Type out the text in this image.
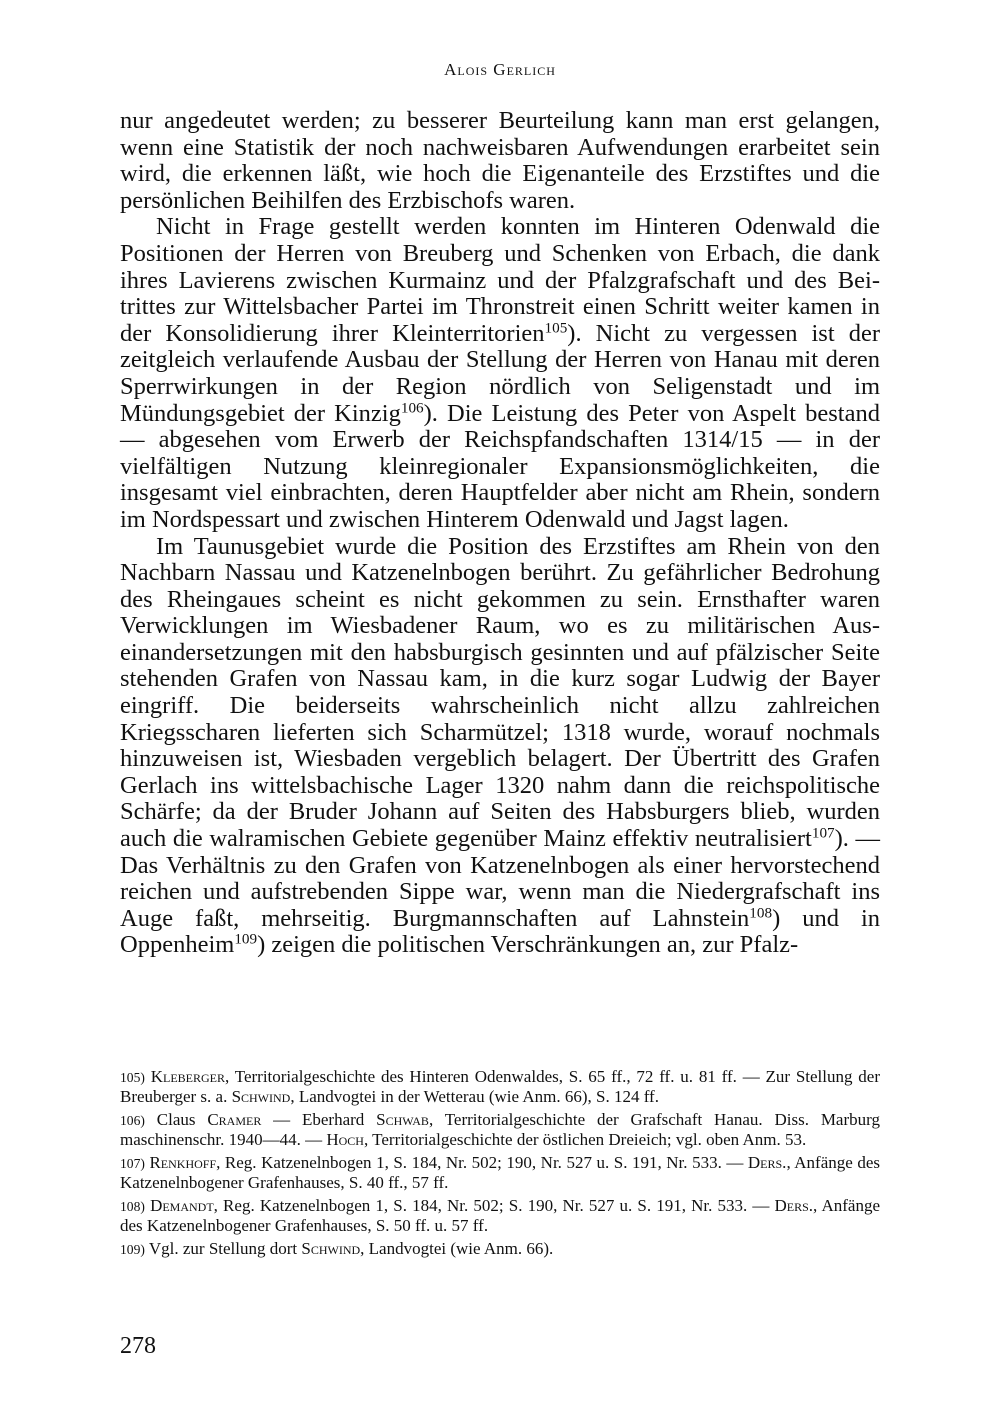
Alois Gerlich

nur angedeutet werden; zu besserer Beurteilung kann man erst gelangen, wenn eine Statistik der noch nachweisbaren Aufwendungen erarbeitet sein wird, die erkennen läßt, wie hoch die Eigenanteile des Erzstiftes und die persönlichen Beihilfen des Erzbischofs waren.

Nicht in Frage gestellt werden konnten im Hinteren Odenwald die Positionen der Herren von Breuberg und Schenken von Erbach, die dank ihres Lavierens zwischen Kurmainz und der Pfalzgrafschaft und des Beitrittes zur Wittelsbacher Partei im Thronstreit einen Schritt weiter kamen in der Konsolidierung ihrer Kleinterritorien$^{105}$). Nicht zu vergessen ist der zeitgleich verlaufende Ausbau der Stellung der Herren von Hanau mit deren Sperrwirkungen in der Region nördlich von Seligenstadt und im Mündungsgebiet der Kinzig$^{106}$). Die Leistung des Peter von Aspelt bestand — abgesehen vom Erwerb der Reichspfandschaften 1314/15 — in der vielfältigen Nutzung kleinregionaler Expansionsmöglichkeiten, die insgesamt viel einbrachten, deren Hauptfelder aber nicht am Rhein, sondern im Nordspessart und zwischen Hinterem Odenwald und Jagst lagen.

Im Taunusgebiet wurde die Position des Erzstiftes am Rhein von den Nachbarn Nassau und Katzenelnbogen berührt. Zu gefährlicher Bedrohung des Rheingaues scheint es nicht gekommen zu sein. Ernsthafter waren Verwicklungen im Wiesbadener Raum, wo es zu militärischen Auseinandersetzungen mit den habsburgisch gesinnten und auf pfälzischer Seite stehenden Grafen von Nassau kam, in die kurz sogar Ludwig der Bayer eingriff. Die beiderseits wahrscheinlich nicht allzu zahlreichen Kriegsscharen lieferten sich Scharmützel; 1318 wurde, worauf nochmals hinzuweisen ist, Wiesbaden vergeblich belagert. Der Übertritt des Grafen Gerlach ins wittelsbachische Lager 1320 nahm dann die reichspolitische Schärfe; da der Bruder Johann auf Seiten des Habsburgers blieb, wurden auch die walramischen Gebiete gegenüber Mainz effektiv neutralisiert$^{107}$). — Das Verhältnis zu den Grafen von Katzenelnbogen als einer hervorstechend reichen und aufstrebenden Sippe war, wenn man die Niedergrafschaft ins Auge faßt, mehrseitig. Burgmannschaften auf Lahnstein$^{108}$) und in Oppenheim$^{109}$) zeigen die politischen Verschränkungen an, zur Pfalz-

105) Kleberger, Territorialgeschichte des Hinteren Odenwaldes, S. 65 ff., 72 ff. u. 81 ff. — Zur Stellung der Breuberger s. a. Schwind, Landvogtei in der Wetterau (wie Anm. 66), S. 124 ff.

106) Claus Cramer — Eberhard Schwab, Territorialgeschichte der Grafschaft Hanau. Diss. Marburg maschinenschr. 1940—44. — Hoch, Territorialgeschichte der östlichen Dreieich; vgl. oben Anm. 53.

107) Renkhoff, Reg. Katzenelnbogen 1, S. 184, Nr. 502; 190, Nr. 527 u. S. 191, Nr. 533. — Ders., Anfänge des Katzenelnbogener Grafenhauses, S. 40 ff., 57 ff.

108) Demandt, Reg. Katzenelnbogen 1, S. 184, Nr. 502; S. 190, Nr. 527 u. S. 191, Nr. 533. — Ders., Anfänge des Katzenelnbogener Grafenhauses, S. 50 ff. u. 57 ff.

109) Vgl. zur Stellung dort Schwind, Landvogtei (wie Anm. 66).

278
